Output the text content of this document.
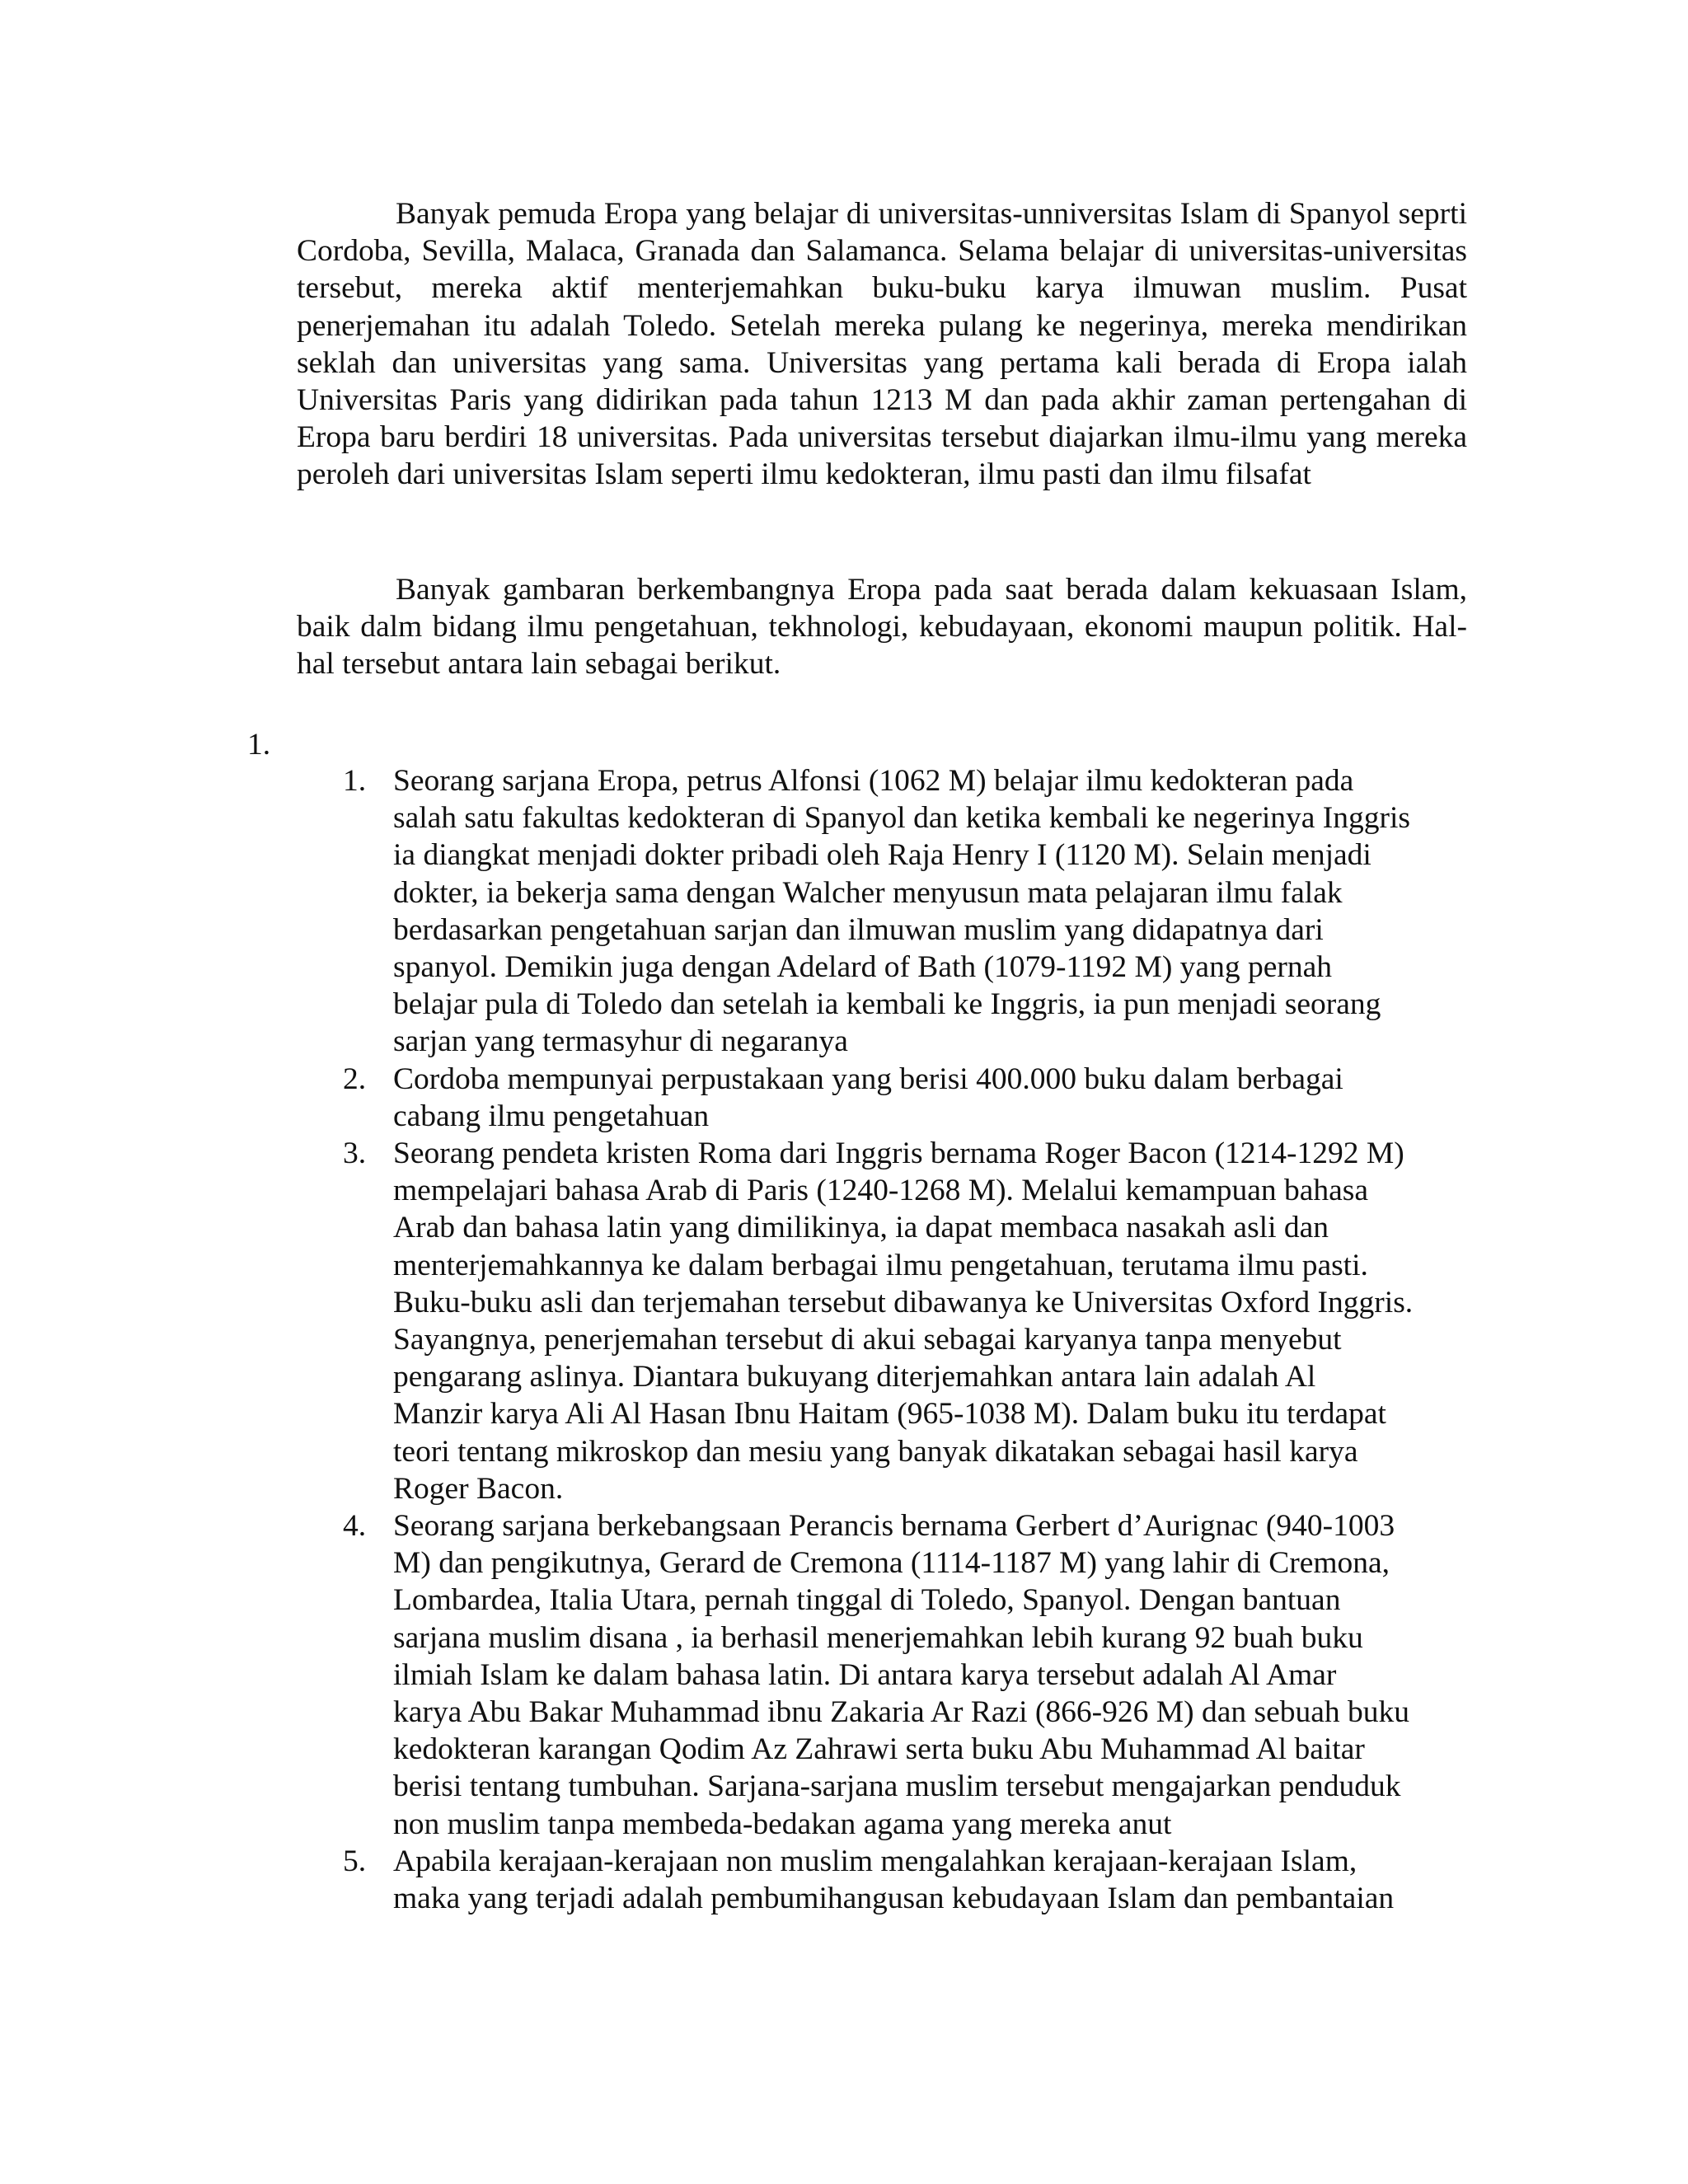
Banyak pemuda Eropa yang belajar di universitas-unniversitas Islam di Spanyol seprti Cordoba, Sevilla, Malaca, Granada dan Salamanca. Selama belajar di universitas-universitas tersebut, mereka aktif menterjemahkan buku-buku karya ilmuwan muslim. Pusat penerjemahan itu adalah Toledo. Setelah mereka pulang ke negerinya, mereka mendirikan seklah dan universitas yang sama. Universitas yang pertama kali berada di Eropa ialah Universitas Paris yang didirikan pada tahun 1213 M dan pada akhir zaman pertengahan di Eropa baru berdiri 18 universitas. Pada universitas tersebut diajarkan ilmu-ilmu yang mereka peroleh dari universitas Islam seperti ilmu kedokteran, ilmu pasti dan ilmu filsafat

Banyak gambaran berkembangnya Eropa pada saat berada dalam kekuasaan Islam, baik dalm bidang ilmu pengetahuan, tekhnologi, kebudayaan, ekonomi maupun politik. Hal-hal tersebut antara lain sebagai berikut.

1.
1. Seorang sarjana Eropa, petrus Alfonsi (1062 M) belajar ilmu kedokteran pada
salah satu fakultas kedokteran di Spanyol dan ketika kembali ke negerinya Inggris
ia diangkat menjadi dokter pribadi oleh Raja Henry I (1120 M). Selain menjadi
dokter, ia bekerja sama dengan Walcher menyusun mata pelajaran ilmu falak
berdasarkan pengetahuan sarjan dan ilmuwan muslim yang didapatnya dari
spanyol. Demikin juga dengan Adelard of Bath (1079-1192 M) yang pernah
belajar pula di Toledo dan setelah ia kembali ke Inggris, ia pun menjadi seorang
sarjan yang termasyhur di negaranya
2. Cordoba mempunyai perpustakaan yang berisi 400.000 buku dalam berbagai
cabang ilmu pengetahuan
3. Seorang pendeta kristen Roma dari Inggris bernama Roger Bacon (1214-1292 M)
mempelajari bahasa Arab di Paris (1240-1268 M). Melalui kemampuan bahasa
Arab dan bahasa latin yang dimilikinya, ia dapat membaca nasakah asli dan
menterjemahkannya ke dalam berbagai ilmu pengetahuan, terutama ilmu pasti.
Buku-buku asli dan terjemahan tersebut dibawanya ke Universitas Oxford Inggris.
Sayangnya, penerjemahan tersebut di akui sebagai karyanya tanpa menyebut
pengarang aslinya. Diantara bukuyang diterjemahkan antara lain adalah Al
Manzir karya Ali Al Hasan Ibnu Haitam (965-1038 M). Dalam buku itu terdapat
teori tentang mikroskop dan mesiu yang banyak dikatakan sebagai hasil karya
Roger Bacon.
4. Seorang sarjana berkebangsaan Perancis bernama Gerbert d’Aurignac (940-1003
M) dan pengikutnya, Gerard de Cremona (1114-1187 M) yang lahir di Cremona,
Lombardea, Italia Utara, pernah tinggal di Toledo, Spanyol. Dengan bantuan
sarjana muslim disana , ia berhasil menerjemahkan lebih kurang 92 buah buku
ilmiah Islam ke dalam bahasa latin. Di antara karya tersebut adalah Al Amar
karya Abu Bakar Muhammad ibnu Zakaria Ar Razi (866-926 M) dan sebuah buku
kedokteran karangan Qodim Az Zahrawi serta buku Abu Muhammad Al baitar
berisi tentang tumbuhan. Sarjana-sarjana muslim tersebut mengajarkan penduduk
non muslim tanpa membeda-bedakan agama yang mereka anut
5. Apabila kerajaan-kerajaan non muslim mengalahkan kerajaan-kerajaan Islam,
maka yang terjadi adalah pembumihangusan kebudayaan Islam dan pembantaian
